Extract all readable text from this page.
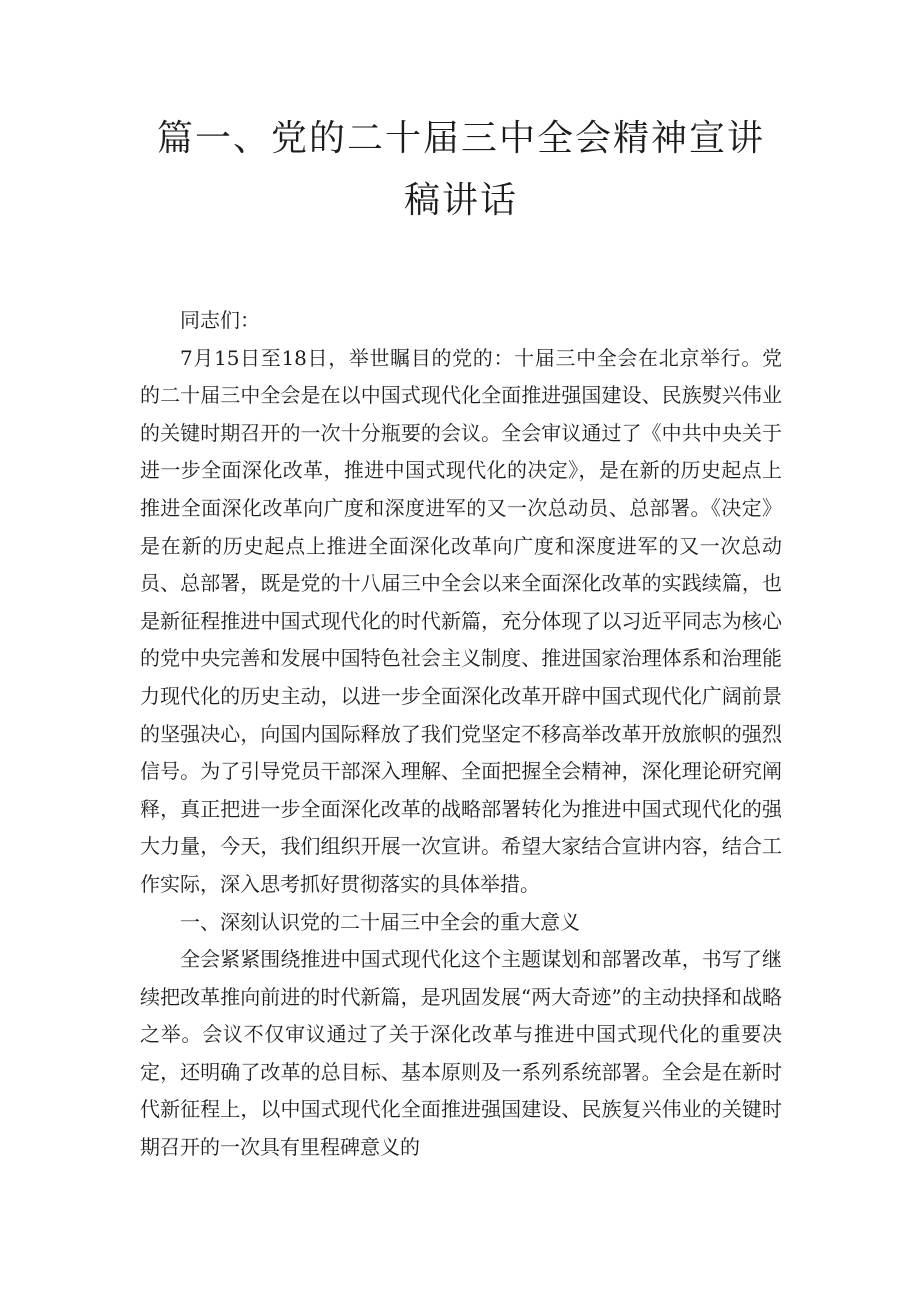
篇一、党的二十届三中全会精神宣讲稿讲话

同志们：

7月15日至18日，举世瞩目的党的：十届三中全会在北京举行。党的二十届三中全会是在以中国式现代化全面推进强国建设、民族熨兴伟业的关键时期召开的一次十分瓶要的会议。全会审议通过了《中共中央关于进一步全面深化改革，推进中国式现代化的决定》，是在新的历史起点上推进全面深化改革向广度和深度进军的又一次总动员、总部署。《决定》是在新的历史起点上推进全面深化改革向广度和深度进军的又一次总动员、总部署，既是党的十八届三中全会以来全面深化改革的实践续篇，也是新征程推进中国式现代化的时代新篇，充分体现了以习近平同志为核心的党中央完善和发展中国特色社会主义制度、推进国家治理体系和治理能力现代化的历史主动，以进一步全面深化改革开辟中国式现代化广阔前景的坚强决心，向国内国际释放了我们党坚定不移高举改革开放旅帜的强烈信号。为了引导党员干部深入理解、全面把握全会精神，深化理论研究阐释，真正把进一步全面深化改革的战略部署转化为推进中国式现代化的强大力量，今天，我们组织开展一次宣讲。希望大家结合宣讲内容，结合工作实际，深入思考抓好贯彻落实的具体举措。

一、深刻认识党的二十届三中全会的重大意义

全会紧紧围绕推进中国式现代化这个主题谋划和部署改革，书写了继续把改革推向前进的时代新篇，是巩固发展“两大奇迹”的主动抉择和战略之举。会议不仅审议通过了关于深化改革与推进中国式现代化的重要决定，还明确了改革的总目标、基本原则及一系列系统部署。全会是在新时代新征程上，以中国式现代化全面推进强国建设、民族复兴伟业的关键时期召开的一次具有里程碑意义的
